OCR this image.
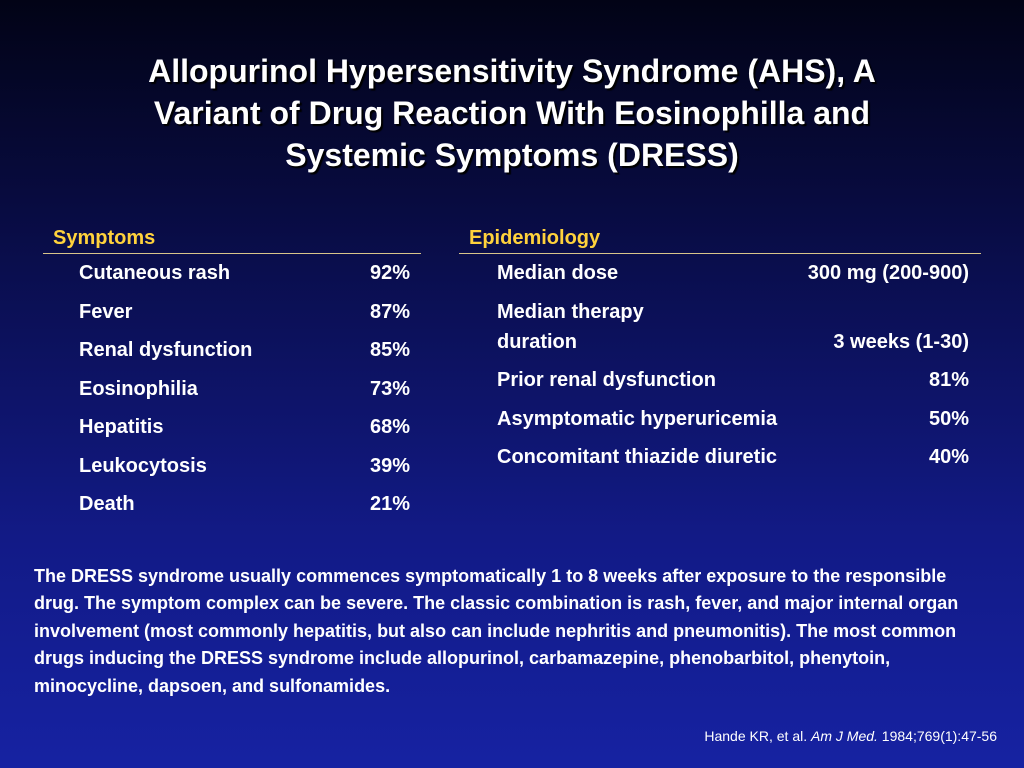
Allopurinol Hypersensitivity Syndrome (AHS), A
Variant of Drug Reaction With Eosinophilla and
Systemic Symptoms (DRESS)
Symptoms
Cutaneous rash	92%
Fever	87%
Renal dysfunction	85%
Eosinophilia	73%
Hepatitis	68%
Leukocytosis	39%
Death	21%
Epidemiology
Median dose	300 mg (200-900)
Median therapy
duration	3 weeks (1-30)
Prior renal dysfunction	81%
Asymptomatic hyperuricemia	50%
Concomitant thiazide diuretic	40%
The DRESS syndrome usually commences symptomatically 1 to 8 weeks after exposure to the responsible drug. The symptom complex can be severe. The classic combination is rash, fever, and major internal organ involvement (most commonly hepatitis, but also can include nephritis and pneumonitis). The most common drugs inducing the DRESS syndrome include allopurinol, carbamazepine, phenobarbitol, phenytoin, minocycline, dapsoen, and sulfonamides.
Hande KR, et al. Am J Med. 1984;769(1):47-56
